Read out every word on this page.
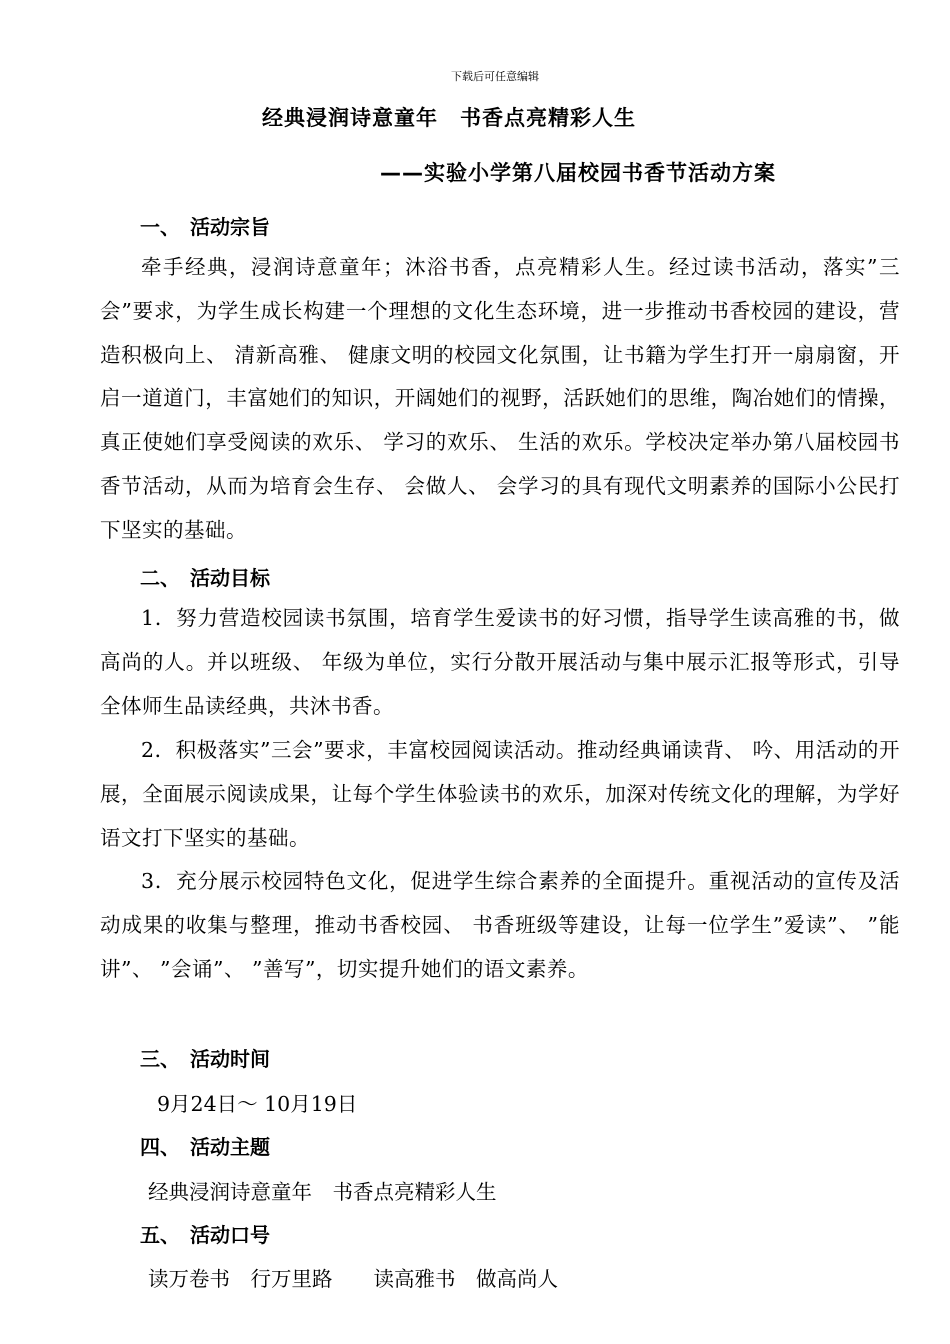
下载后可任意编辑
经典浸润诗意童年　书香点亮精彩人生
——实验小学第八届校园书香节活动方案
一、　活动宗旨
牵手经典，浸润诗意童年；沐浴书香，点亮精彩人生。经过读书活动，落实”三会”要求，为学生成长构建一个理想的文化生态环境，进一步推动书香校园的建设，营造积极向上、 清新高雅、 健康文明的校园文化氛围，让书籍为学生打开一扇扇窗，开启一道道门，丰富她们的知识，开阔她们的视野，活跃她们的思维，陶冶她们的情操，真正使她们享受阅读的欢乐、 学习的欢乐、 生活的欢乐。学校决定举办第八届校园书香节活动，从而为培育会生存、 会做人、 会学习的具有现代文明素养的国际小公民打下坚实的基础。
二、　活动目标
1．努力营造校园读书氛围，培育学生爱读书的好习惯，指导学生读高雅的书，做高尚的人。并以班级、 年级为单位，实行分散开展活动与集中展示汇报等形式，引导全体师生品读经典，共沐书香。
2．积极落实”三会”要求，丰富校园阅读活动。推动经典诵读背、 吟、用活动的开展，全面展示阅读成果，让每个学生体验读书的欢乐，加深对传统文化的理解，为学好语文打下坚实的基础。
3．充分展示校园特色文化，促进学生综合素养的全面提升。重视活动的宣传及活动成果的收集与整理，推动书香校园、 书香班级等建设，让每一位学生”爱读”、 ”能讲”、 ”会诵”、 ”善写”，切实提升她们的语文素养。
三、　活动时间
9月24日～ 10月19日
四、　活动主题
经典浸润诗意童年　书香点亮精彩人生
五、　活动口号
读万卷书　行万里路　　读高雅书　做高尚人
